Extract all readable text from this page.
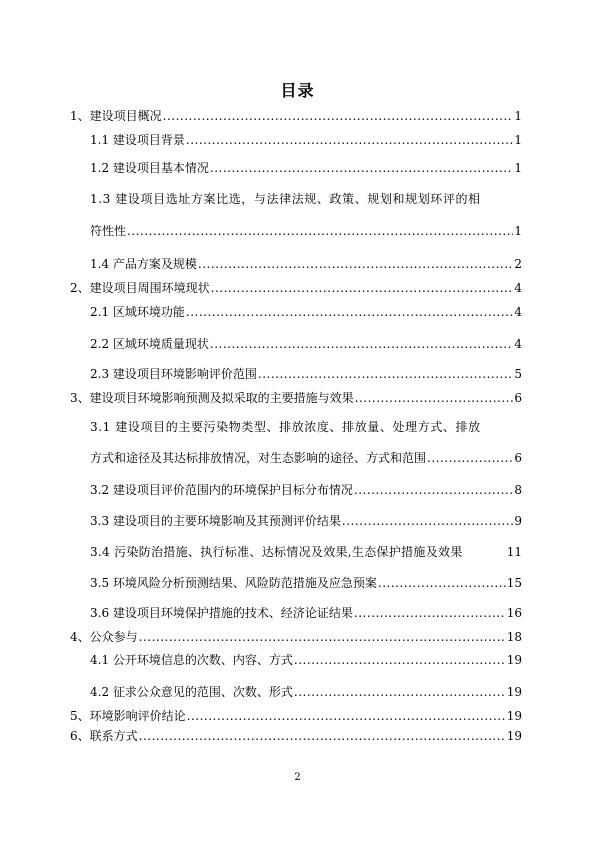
目录
1、建设项目概况 .....	1
1.1 建设项目背景 .....	1
1.2 建设项目基本情况 .....	1
1.3 建设项目选址方案比选，与法律法规、政策、规划和规划环评的相
符性性 .....	1
1.4 产品方案及规模 .....	2
2、建设项目周围环境现状 .....	4
2.1 区域环境功能 .....	4
2.2 区域环境质量现状 .....	4
2.3 建设项目环境影响评价范围 .....	5
3、建设项目环境影响预测及拟采取的主要措施与效果 .....	6
3.1 建设项目的主要污染物类型、排放浓度、排放量、处理方式、排放
方式和途径及其达标排放情况，对生态影响的途径、方式和范围 .....	6
3.2 建设项目评价范围内的环境保护目标分布情况 .....	8
3.3 建设项目的主要环境影响及其预测评价结果 .....	9
3.4 污染防治措施、执行标准、达标情况及效果,生态保护措施及效果	11
3.5 环境风险分析预测结果、风险防范措施及应急预案 .....	15
3.6 建设项目环境保护措施的技术、经济论证结果 .....	16
4、公众参与 .....	18
4.1 公开环境信息的次数、内容、方式 .....	19
4.2 征求公众意见的范围、次数、形式 .....	19
5、环境影响评价结论 .....	19
6、联系方式 .....	19
2
